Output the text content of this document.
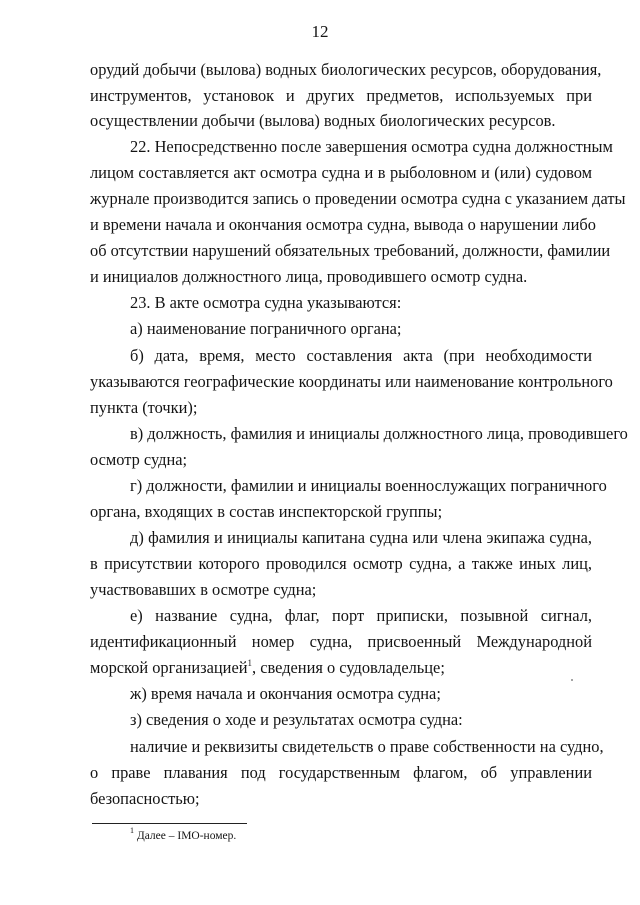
12
орудий добычи (вылова) водных биологических ресурсов, оборудования,
инструментов, установок и других предметов, используемых при
осуществлении добычи (вылова) водных биологических ресурсов.
22. Непосредственно после завершения осмотра судна должностным
лицом составляется акт осмотра судна и в рыболовном и (или) судовом
журнале производится запись о проведении осмотра судна с указанием даты
и времени начала и окончания осмотра судна, вывода о нарушении либо
об отсутствии нарушений обязательных требований, должности, фамилии
и инициалов должностного лица, проводившего осмотр судна.
23. В акте осмотра судна указываются:
а) наименование пограничного органа;
б) дата, время, место составления акта (при необходимости
указываются географические координаты или наименование контрольного
пункта (точки);
в) должность, фамилия и инициалы должностного лица, проводившего
осмотр судна;
г) должности, фамилии и инициалы военнослужащих пограничного
органа, входящих в состав инспекторской группы;
д) фамилия и инициалы капитана судна или члена экипажа судна,
в присутствии которого проводился осмотр судна, а также иных лиц,
участвовавших в осмотре судна;
е) название судна, флаг, порт приписки, позывной сигнал,
идентификационный номер судна, присвоенный Международной
морской организацией$^1$, сведения о судовладельце;
ж) время начала и окончания осмотра судна;
з) сведения о ходе и результатах осмотра судна:
наличие и реквизиты свидетельств о праве собственности на судно,
о праве плавания под государственным флагом, об управлении
безопасностью;
$^1$ Далее – IMO-номер.
